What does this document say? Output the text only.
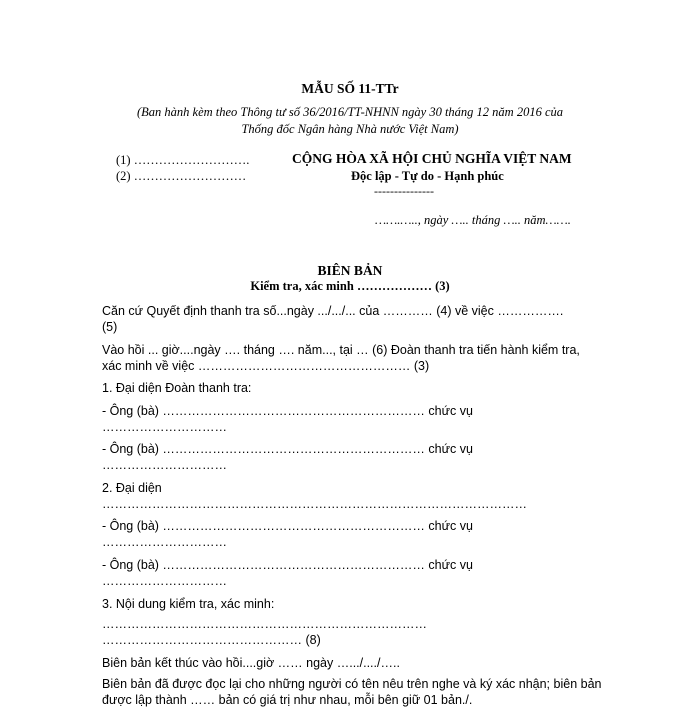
MẪU SỐ 11-TTr
(Ban hành kèm theo Thông tư số 36/2016/TT-NHNN ngày 30 tháng 12 năm 2016 của
Thống đốc Ngân hàng Nhà nước Việt Nam)
(1) ……………………….
(2) ………………………
CỘNG HÒA XÃ HỘI CHỦ NGHĨA VIỆT NAM
Độc lập - Tự do - Hạnh phúc
---------------
…….….., ngày ….. tháng ….. năm…….
BIÊN BẢN
Kiểm tra, xác minh ……………… (3)
Căn cứ Quyết định thanh tra số...ngày .../.../... của ………… (4) về việc …………….
(5)
Vào hồi ... giờ....ngày …. tháng …. năm..., tại … (6) Đoàn thanh tra tiến hành kiểm tra,
xác minh về việc …………………………………………… (3)
1. Đại diện Đoàn thanh tra:
- Ông (bà) ……………………………………………………… chức vụ
…………………………
- Ông (bà) ……………………………………………………… chức vụ
…………………………
2. Đại diện
…………………………………………………………………………………………
- Ông (bà) ……………………………………………………… chức vụ
…………………………
- Ông (bà) ……………………………………………………… chức vụ
…………………………
3. Nội dung kiểm tra, xác minh:
……………………………………………………………………
………………………………………… (8)
Biên bản kết thúc vào hồi....giờ …… ngày ….../..../…..
Biên bản đã được đọc lại cho những người có tên nêu trên nghe và ký xác nhận; biên bản
được lập thành …… bản có giá trị như nhau, mỗi bên giữ 01 bản./.
